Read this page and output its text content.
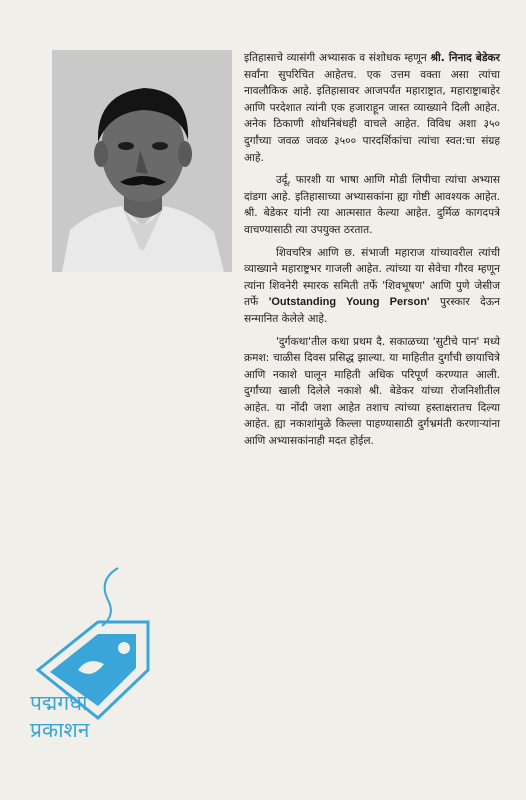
इतिहासाचे व्यासंगी अभ्यासक व संशोधक म्हणून श्री. निनाद बेडेकर सर्वांना सुपरिचित आहेतच. एक उत्तम वक्ता असा त्यांचा नावलौकिक आहे. इतिहासावर आजपर्यंत महाराष्ट्रात, महाराष्ट्राबाहेर आणि परदेशात त्यांनी एक हजाराहून जास्त व्याख्याने दिली आहेत. अनेक ठिकाणी शोधनिबंधही वाचले आहेत. विविध अशा ३५० दुर्गांच्या जवळ जवळ ३५०० पारदर्शिकांचा त्यांचा स्वत:चा संग्रह आहे.

उर्दू, फारशी या भाषा आणि मोडी लिपीचा त्यांचा अभ्यास दांडगा आहे. इतिहासाच्या अभ्यासकांना ह्या गोष्टी आवश्यक आहेत. श्री. बेडेकर यांनी त्या आत्मसात केल्या आहेत. दुर्मिळ कागदपत्रे वाचण्यासाठी त्या उपयुक्त ठरतात.

शिवचरित्र आणि छ. संभाजी महाराज यांच्यावरील त्यांची व्याख्याने महाराष्ट्रभर गाजली आहेत. त्यांच्या या सेवेचा गौरव म्हणून त्यांना शिवनेरी स्मारक समिती तर्फे 'शिवभूषण' आणि पुणे जेसीज तर्फे 'Outstanding Young Person' पुरस्कार देऊन सन्मानित केलेले आहे.

'दुर्गकथा'तील कथा प्रथम दै. सकाळच्या 'सुटीचे पान' मध्ये क्रमश: चाळीस दिवस प्रसिद्ध झाल्या. या माहितीत दुर्गांची छायाचित्रे आणि नकाशे घालून माहिती अधिक परिपूर्ण करण्यात आली. दुर्गांच्या खाली दिलेले नकाशे श्री. बेडेकर यांच्या रोजनिशीतील आहेत. या नोंदी जशा आहेत तशाच त्यांच्या हस्ताक्षरातच दिल्या आहेत. ह्या नकाशांमुळे किल्ला पाहण्यासाठी दुर्गभ्रमंती करणाऱ्यांना आणि अभ्यासकांनाही मदत होईल.

पद्मगंधा
प्रकाशन
